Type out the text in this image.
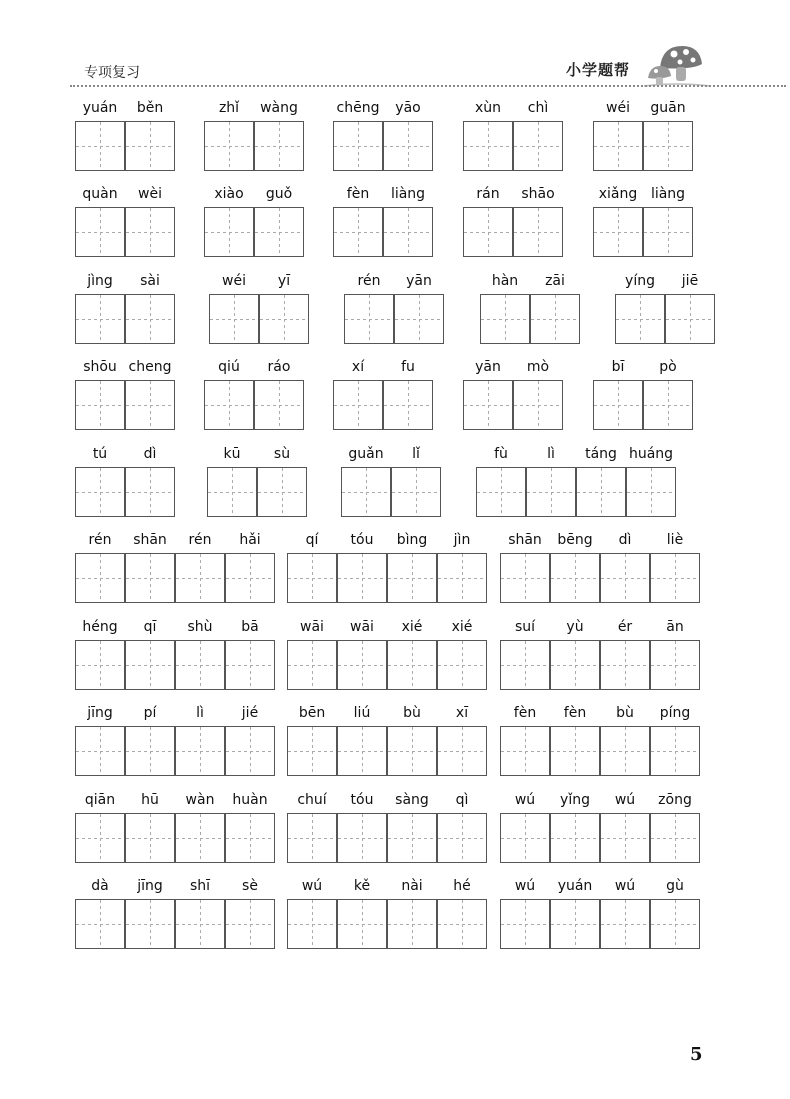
专项复习	小学题帮
yuán	běn	zhǐ	wàng	chēng	yāo	xùn	chì	wéi	guān
quàn	wèi	xiào	guǒ	fèn	liàng	rán	shāo	xiǎng liàng
jìng	sài	wéi	yī	rén	yān	hàn	zāi	yíng	jiē
shōu cheng	qiú	ráo	xí	fu	yān	mò	bī	pò
tú	dì	kū	sù	guǎn	lǐ	fù	lì	táng huáng
rén	shān	rén	hǎi	qí	tóu	bìng	jìn	shān	bēng	dì	liè
héng	qī	shù	bā	wāi	wāi	xié	xié	suí	yù	ér	ān
jīng	pí	lì	jié	bēn	liú	bù	xī	fèn	fèn	bù	píng
qiān	hū	wàn	huàn	chuí	tóu	sàng	qì	wú	yǐng	wú	zōng
dà	jīng	shī	sè	wú	kě	nài	hé	wú	yuán	wú	gù
5
